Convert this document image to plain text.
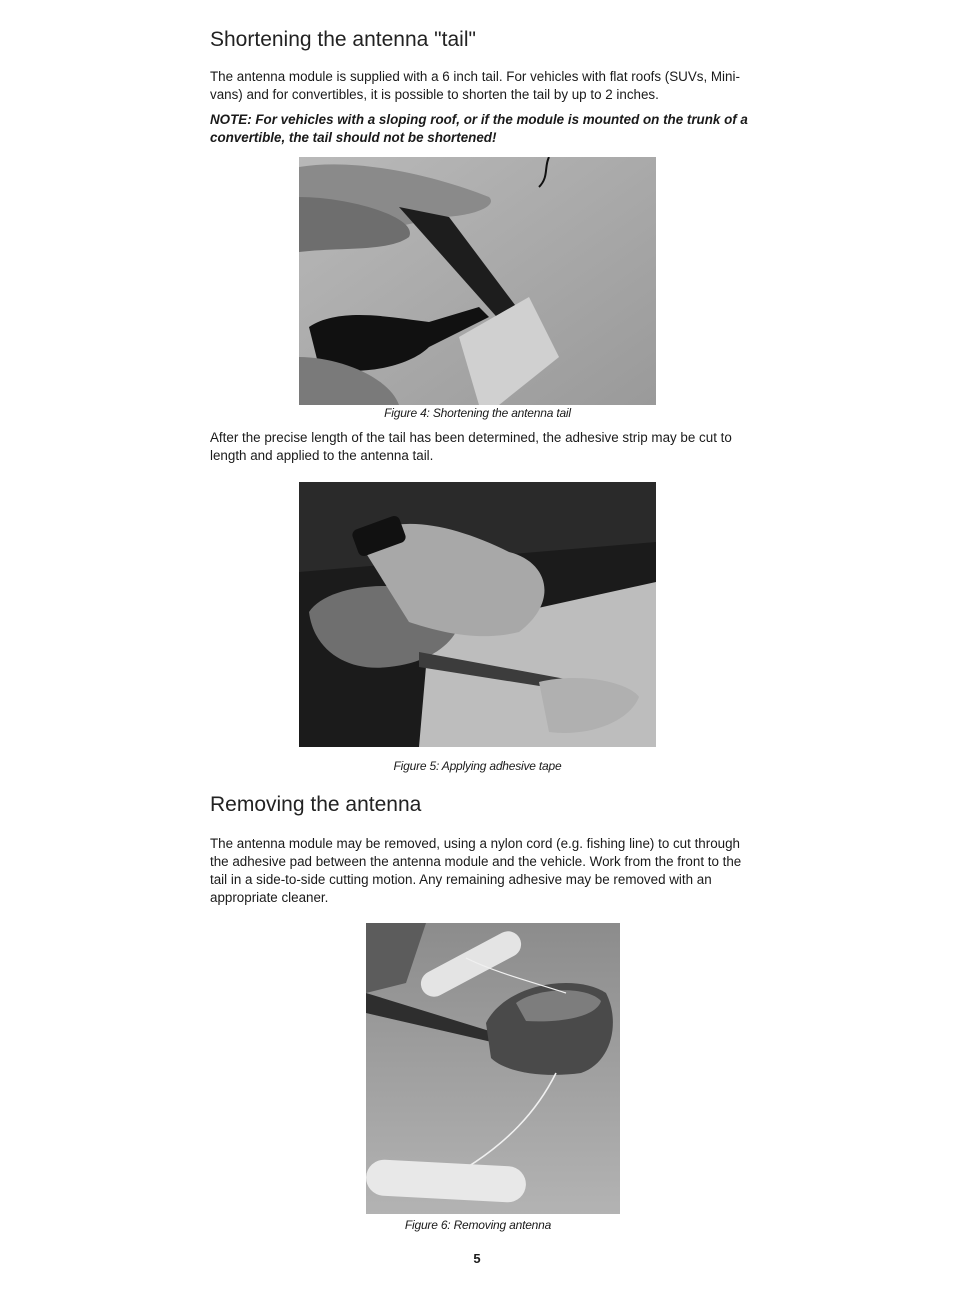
Shortening the antenna "tail"

The antenna module is supplied with a 6 inch tail. For vehicles with flat roofs (SUVs, Mini-vans) and for convertibles, it is possible to shorten the tail by up to 2 inches.

NOTE: For vehicles with a sloping roof, or if the module is mounted on the trunk of a convertible, the tail should not be shortened!

Figure 4: Shortening the antenna tail

After the precise length of the tail has been determined, the adhesive strip may be cut to length and applied to the antenna tail.

Figure 5: Applying adhesive tape
Removing the antenna

The antenna module may be removed, using a nylon cord (e.g. fishing line) to cut through the adhesive pad between the antenna module and the vehicle. Work from the front to the tail in a side-to-side cutting motion. Any remaining adhesive may be removed with an appropriate cleaner.

Figure 6: Removing antenna
5
